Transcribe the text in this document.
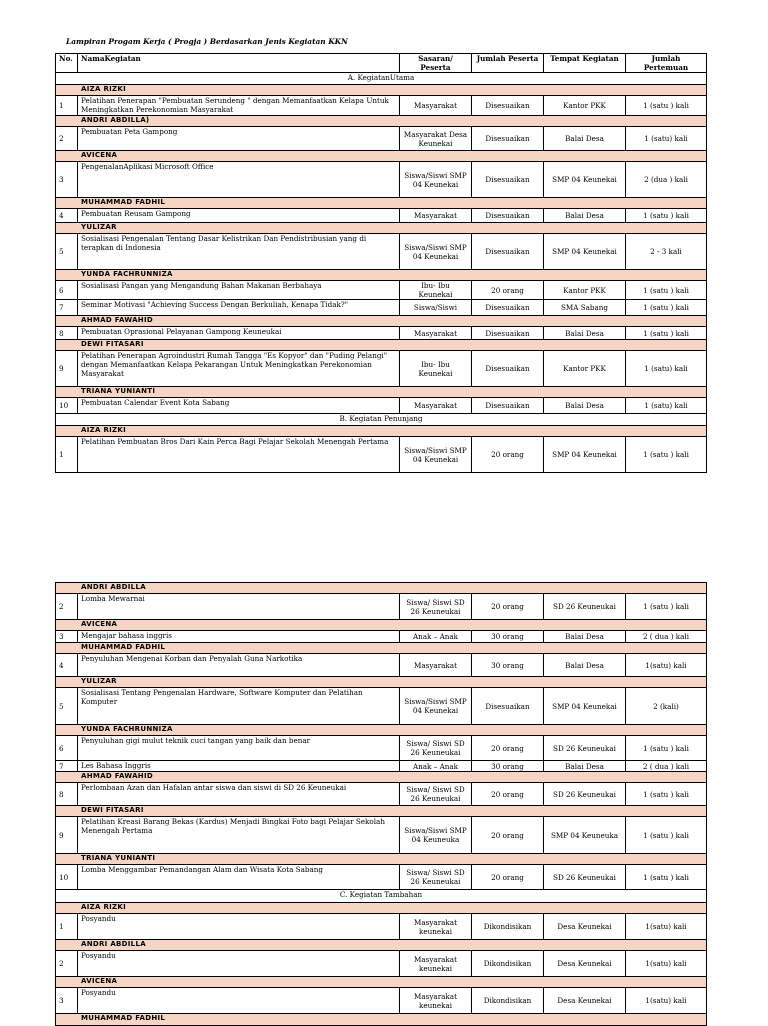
Lampiran Progam Kerja ( Progja ) Berdasarkan Jenis Kegiatan KKN
No.	NamaKegiatan	Sasaran/ Peserta	Jumlah Peserta	Tempat Kegiatan	Jumlah Pertemuan
A. KegiatanUtama					
AIZA RIZKI					
1	Pelatihan Penerapan "Pembuatan Serundeng " dengan Memanfaatkan Kelapa Untuk Meningkatkan Perekonomian Masyarakat	Masyarakat	Disesuaikan	Kantor PKK	1 (satu ) kali
ANDRI ABDILLA)					
2	Pembuatan Peta Gampong	Masyarakat Desa Keunekai	Disesuaikan	Balai Desa	1 (satu) kali
AVICENA					
3	PengenalanAplikasi Microsoft Office	Siswa/Siswi SMP 04 Keunekai	Disesuaikan	SMP 04 Keunekai	2 (dua ) kali
MUHAMMAD FADHIL					
4	Pembuatan Reusam Gampong	Masyarakat	Disesuaikan	Balai Desa	1 (satu ) kali
YULIZAR					
5	Sosialisasi Pengenalan Tentang Dasar Kelistrikan Dan Pendistribusian yang di terapkan di Indonesia	Siswa/Siswi SMP 04 Keunekai	Disesuaikan	SMP 04 Keunekai	2 - 3 kali
YUNDA FACHRUNNIZA					
6	Sosialisasi Pangan yang Mengandung Bahan Makanan Berbahaya	Ibu- Ibu Keunekai	20 orang	Kantor PKK	1 (satu ) kali
7	Seminar Motivasi "Achieving Success Dengan Berkuliah, Kenapa Tidak?"	Siswa/Siswi	Disesuaikan	SMA Sabang	1 (satu ) kali
AHMAD FAWAHID					
8	Pembuatan Oprasional Pelayanan Gampong Keuneukai	Masyarakat	Disesuaikan	Balai Desa	1 (satu ) kali
DEWI FITASARI					
9	Pelatihan Penerapan Agroindustri Rumah Tangga "Es Kopyor" dan "Puding Pelangi" dengan Memanfaatkan Kelapa Pekarangan Untuk Meningkatkan Perekonomian Masyarakat	Ibu- Ibu Keunekai	Disesuaikan	Kantor PKK	1 (satu) kali
TRIANA YUNIANTI					
10	Pembuatan Calendar Event Kota Sabang	Masyarakat	Disesuaikan	Balai Desa	1 (satu) kali
B. Kegiatan Penunjang					
AIZA RIZKI					
1	Pelatihan Pembuatan Bros Dari Kain Perca Bagi Pelajar Sekolah Menengah Pertama	Siswa/Siswi SMP 04 Keunekai	20 orang	SMP 04 Keunekai	1 (satu ) kali
ANDRI ABDILLA					
2	Lomba Mewarnai	Siswa/ Siswi SD 26 Keuneukai	20 orang	SD 26 Keuneukai	1 (satu ) kali
AVICENA					
3	Mengajar bahasa inggris	Anak – Anak	30 orang	Balai Desa	2 ( dua ) kali
MUHAMMAD FADHIL					
4	Penyuluhan Mengenai Korban dan Penyalah Guna Narkotika	Masyarakat	30 orang	Balai Desa	1(satu) kali
YULIZAR					
5	Sosialisasi Tentang Pengenalan Hardware, Software Komputer dan Pelatihan Komputer	Siswa/Siswi SMP 04 Keunekai	Disesuaikan	SMP 04 Keunekai	2 (kali)
YUNDA FACHRUNNIZA					
6	Penyuluhan gigi mulut teknik cuci tangan yang baik dan benar	Siswa/ Siswi SD 26 Keuneukai	20 orang	SD 26 Keuneukai	1 (satu ) kali
7	Les Bahasa Inggris	Anak – Anak	30 orang	Balai Desa	2 ( dua ) kali
AHMAD FAWAHID					
8	Perlombaan Azan dan Hafalan antar siswa dan siswi di SD 26 Keuneukai	Siswa/ Siswi SD 26 Keuneukai	20 orang	SD 26 Keuneukai	1 (satu ) kali
DEWI FITASARI					
9	Pelatihan Kreasi Barang Bekas (Kardus) Menjadi Bingkai Foto bagi Pelajar Sekolah Menengah Pertama	Siswa/Siswi SMP 04 Keuneuka	20 orang	SMP 04 Keuneuka	1 (satu ) kali
TRIANA YUNIANTI					
10	Lomba Menggambar Pemandangan Alam dan Wisata Kota Sabang	Siswa/ Siswi SD 26 Keuneukai	20 orang	SD 26 Keuneukai	1 (satu ) kali
C. Kegiatan Tambahan					
AIZA RIZKI					
1	Posyandu	Masyarakat keunekai	Dikondisikan	Desa Keunekai	1(satu) kali
ANDRI ABDILLA					
2	Posyandu	Masyarakat keunekai	Dikondisikan	Desa Keunekai	1(satu) kali
AVICENA					
3	Posyandu	Masyarakat keunekai	Dikondisikan	Desa Keunekai	1(satu) kali
MUHAMMAD FADHIL					
